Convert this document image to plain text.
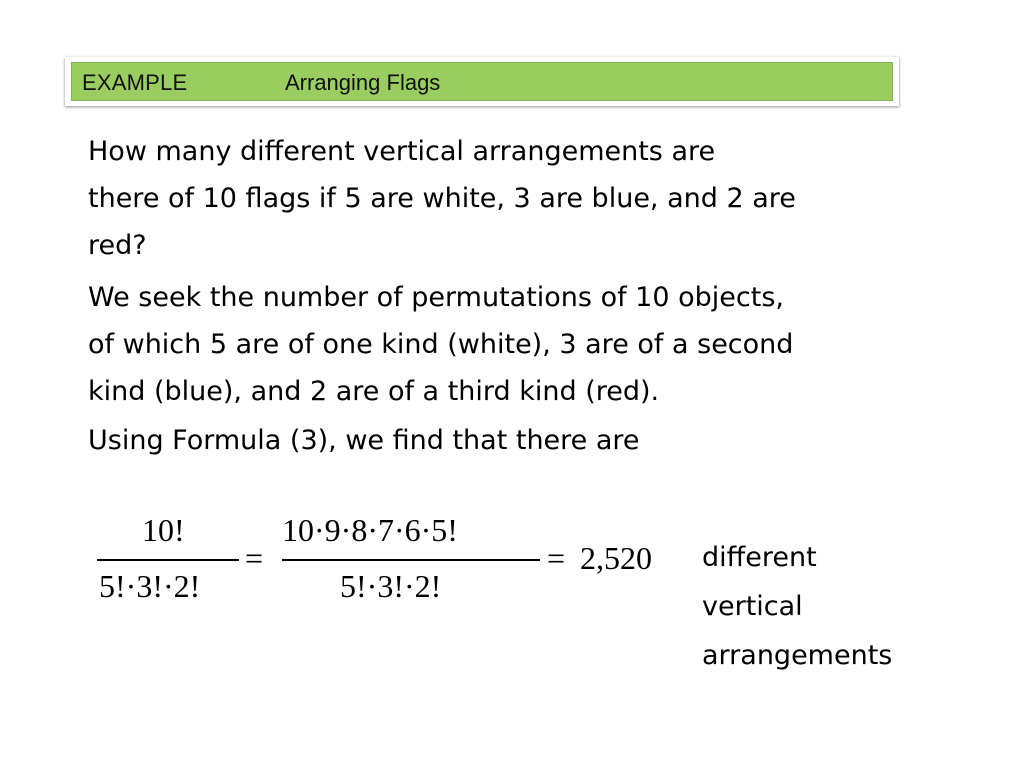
EXAMPLE	Arranging Flags

How many different vertical arrangements are
there of 10 flags if 5 are white, 3 are blue, and 2 are
red?

We seek the number of permutations of 10 objects,
of which 5 are of one kind (white), 3 are of a second
kind (blue), and 2 are of a third kind (red).

Using Formula (3), we find that there are

10!
5!·3!·2!
=
10·9·8·7·6·5!
5!·3!·2!
= 2,520 different
vertical
arrangements
